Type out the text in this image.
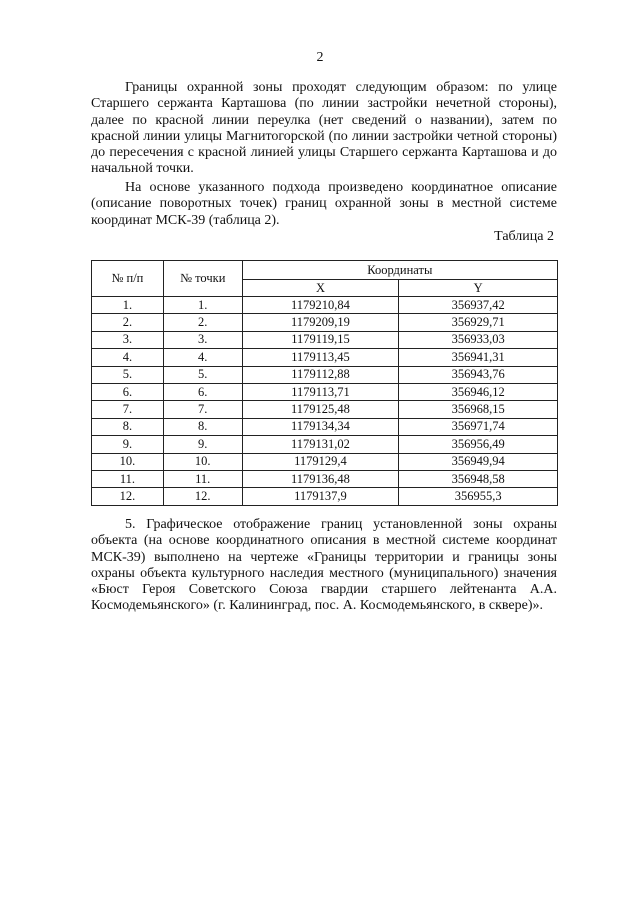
2

Границы охранной зоны проходят следующим образом: по улице Старшего сержанта Карташова (по линии застройки нечетной стороны), далее по красной линии переулка (нет сведений о названии), затем по красной линии улицы Магнитогорской (по линии застройки четной стороны) до пересечения с красной линией улицы Старшего сержанта Карташова и до начальной точки.

На основе указанного подхода произведено координатное описание (описание поворотных точек) границ охранной зоны в местной системе координат МСК-39 (таблица 2).

Таблица 2
№ п/п	№ точки	Координаты	
		X	Y
1.	1.	1179210,84	356937,42
2.	2.	1179209,19	356929,71
3.	3.	1179119,15	356933,03
4.	4.	1179113,45	356941,31
5.	5.	1179112,88	356943,76
6.	6.	1179113,71	356946,12
7.	7.	1179125,48	356968,15
8.	8.	1179134,34	356971,74
9.	9.	1179131,02	356956,49
10.	10.	1179129,4	356949,94
11.	11.	1179136,48	356948,58
12.	12.	1179137,9	356955,3

5. Графическое отображение границ установленной зоны охраны объекта (на основе координатного описания в местной системе координат МСК-39) выполнено на чертеже «Границы территории и границы зоны охраны объекта культурного наследия местного (муниципального) значения «Бюст Героя Советского Союза гвардии старшего лейтенанта А.А. Космодемьянского» (г. Калининград, пос. А. Космодемьянского, в сквере)».
